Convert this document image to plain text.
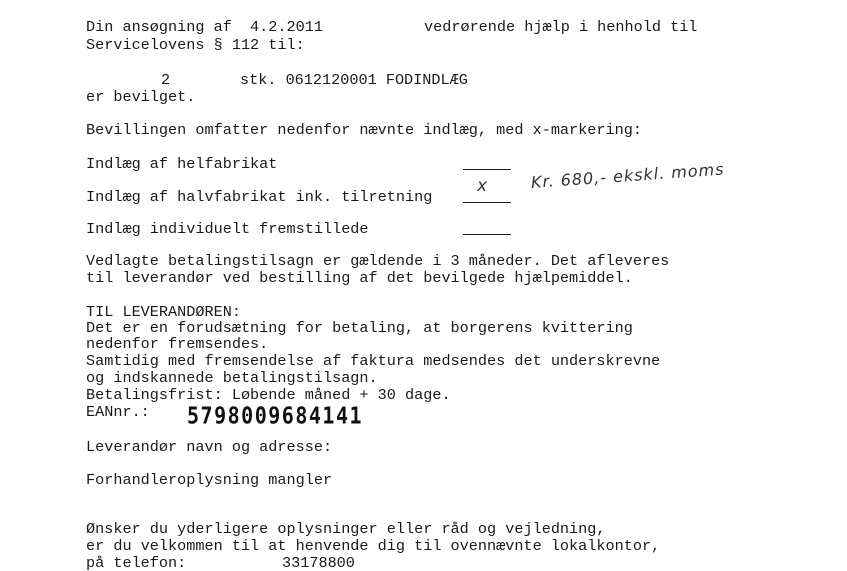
Din ansøgning af  4.2.2011	vedrørende hjælp i henhold til
Servicelovens § 112 til:
2	stk. 0612120001 FODINDLÆG
er bevilget.
Bevillingen omfatter nedenfor nævnte indlæg, med x-markering:
Indlæg af helfabrikat
Indlæg af halvfabrikat ink. tilretning
x	Kr. 680,- ekskl. moms
Indlæg individuelt fremstillede
Vedlagte betalingstilsagn er gældende i 3 måneder. Det afleveres
til leverandør ved bestilling af det bevilgede hjælpemiddel.
TIL LEVERANDØREN:
Det er en forudsætning for betaling, at borgerens kvittering
nedenfor fremsendes.
Samtidig med fremsendelse af faktura medsendes det underskrevne
og indskannede betalingstilsagn.
Betalingsfrist: Løbende måned + 30 dage.
EANnr.: 5798009684141
Leverandør navn og adresse:
Forhandleroplysning mangler
Ønsker du yderligere oplysninger eller råd og vejledning,
er du velkommen til at henvende dig til ovennævnte lokalkontor,
på telefon:	33178800
